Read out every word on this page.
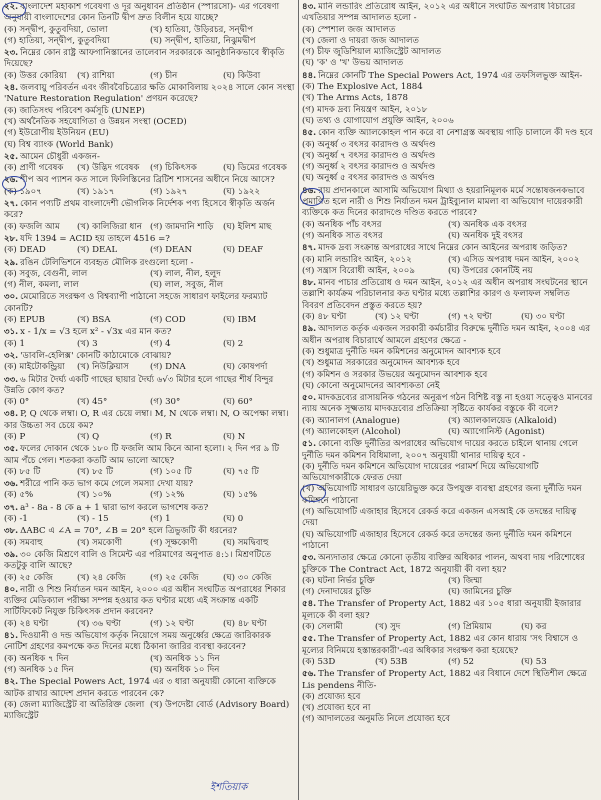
২২. বাংলাদেশ মহাকাশ গবেষণা ও দূর অনুধাবন প্রতিষ্ঠান (স্পারসো)- এর গবেষণা অনুযায়ী বাংলাদেশের কোন তিনটি দ্বীপ দ্রুত বিলীন হয়ে যাচ্ছে?
(ক) সন্দ্বীপ, কুতুবদিয়া, ভোলা	(খ) হাতিয়া, উড়িরচর, সন্দ্বীপ
(গ) হাতিয়া, সন্দ্বীপ, কুতুবদিয়া	(ঘ) সন্দ্বীপ, হাতিয়া, নিঝুমদ্বীপ
২৩. নিম্নের কোন রাষ্ট্র আফগানিস্তানের তালেবান সরকারকে আনুষ্ঠানিকভাবে স্বীকৃতি দিয়েছে?
(ক) উত্তর কোরিয়া	(খ) রাশিয়া	(গ) চীন	(ঘ) কিউবা
২৪. জলবায়ু পরিবর্তন এবং জীববৈচিত্র্যের ক্ষতি মোকাবিলায় ২০২৪ সালে কোন সংস্থা 'Nature Restoration Regulation' প্রণয়ন করেছে?
(ক) জাতিসংঘ পরিবেশ কর্মসূচি (UNEP)
(খ) অর্থনৈতিক সহযোগিতা ও উন্নয়ন সংস্থা (OCED)
(গ) ইউরোপীয় ইউনিয়ন (EU)
(ঘ) বিশ্ব ব্যাংক (World Bank)
২৫. আমেন চৌধুরী একজন-
(ক) প্রাণী গবেষক	(খ) উদ্ভিদ গবেষক	(গ) চিকিৎসক	(ঘ) ডিমের গবেষক
২৬. শীপ অব প্যাশন কত সালে ফিলিস্তিনের ব্রিটিশ শাসনের অধীনে নিয়ে আসে?
(ক) ১৯০৭	(খ) ১৯১৭	(গ) ১৯২৭	(ঘ) ১৯২২
২৭. কোন পণ্যটি প্রথম বাংলাদেশী ভৌগলিক নির্দেশক পণ্য হিসেবে স্বীকৃতি অর্জন করে?
(ক) ফজলি আম	(খ) কালিজিরা ধান (গ) জামদানি শাড়ি	(ঘ) ইলিশ মাছ
২৮. যদি 1394 = ACID হয় তাহলে 4516 =?
(ক) DEAD	(খ) DEAL	(গ) DEAN	(ঘ) DEAF
২৯. রঙিন টেলিভিশনে ব্যবহৃত মৌলিক রংগুলো হলো -
(ক) সবুজ, বেগুনী, লাল	(খ) লাল, নীল, হলুদ
(গ) নীল, কমলা, লাল	(ঘ) লাল, সবুজ, নীল
৩০. মেমোরিতে সংরক্ষণ ও বিশ্বব্যাপী পাঠানো সহজে সাধারণ ফাইলের ফরম্যাট কোনটি?
(ক) EPUB	(খ) BSA	(গ) COD	(ঘ) IBM
৩১. x - 1/x = √3 হলে x² - √3x এর মান কত?
(ক) 1	(খ) 3	(গ) 4	(ঘ) 2
৩২. 'ডাবলি-হেলিক্স' কোনটি কাঠামোকে বোঝায়?
(ক) মাইটোকন্ড্রিয়া	(খ) নিউক্লিয়াস	(গ) DNA	(ঘ) কোষপর্দা
৩৩. ৬ মিটার দৈর্ঘ্য একটি গাছের ছায়ার দৈর্ঘ্য ৬√৩ মিটার হলে গাছের শীর্ষ বিন্দুর উন্নতি কোণ কত?
(ক) 0°	(খ) 45°	(গ) 30°	(ঘ) 60°
৩৪. P, Q থেকে লম্বা। O, R এর চেয়ে লম্বা। M, N থেকে লম্বা। N, O অপেক্ষা লম্বা। কার উচ্চতা সব চেয়ে কম?
(ক) P	(খ) Q	(গ) R	(ঘ) N
৩৫. ফলের দোকান থেকে ১৮০ টি ফজলি আম কিনে আনা হলো। ২ দিন পর ৯ টি আম পঁচে গেল। শতকরা কতটি আম ভালো আছে?
(ক) ৮৫ টি	(খ) ৮৫ টি	(গ) ১০৫ টি	(ঘ) ৭৫ টি
৩৬. শরীরে পানি কত ভাগ কমে গেলে সমস্যা দেখা যায়?
(ক) ৫%	(খ) ১০%	(গ) ১২%	(ঘ) ১৫%
৩৭. a³ - 8a - 8 কে a + 1 দ্বারা ভাগ করলে ভাগশেষ কত?
(ক) -1	(খ) - 15	(গ) 1	(ঘ) 0
৩৮. ΔABC এ ∠A = 70°, ∠B = 20° হলে ত্রিভুজটি কী ধরনের?
(ক) সমবাহু	(খ) সমকোণী	(গ) সূক্ষকোণী	(ঘ) সমদ্বিবাহু
৩৯. ৩০ কেজি মিশ্রণে বালি ও সিমেন্ট এর পরিমাণের অনুপাত ৪:১। মিশ্রণটিতে কতটুকু বালি আছে?
(ক) ২৫ কেজি	(খ) ২৪ কেজি	(গ) ২৫ কেজি	(ঘ) ৩০ কেজি
৪০. নারী ও শিশু নির্যাতন দমন আইন, ২০০০ এর অধীন সংঘটিত অপরাধের শিকার ব্যক্তির মেডিক্যাল পরীক্ষা সম্পন্ন হওয়ার কত ঘণ্টার মধ্যে এই সংক্রান্ত একটি সার্টিফিকেট নিযুক্ত চিকিৎসক প্রদান করবেন?
(ক) ২৪ ঘণ্টা	(খ) ৩৬ ঘণ্টা	(গ) ১২ ঘণ্টা	(ঘ) ৪৮ ঘণ্টা
৪১. দিওয়ানী ও দন্ড অভিযোগ কর্তৃক নিয়োগে সময় অনুর্ধ্বের ক্ষেত্রে জারিকারক নোটিশ গ্রহণের কমপক্ষে কত দিনের মধ্যে ঠিকানা জারির ব্যবস্থা করবেন?
(ক) অনধিক ৭ দিন	(খ) অনধিক ১১ দিন
(গ) অনধিক ১৫ দিন	(ঘ) অনধিক ১০ দিন
৪২. The Special Powers Act, 1974 এর ৩ ধারা অনুযায়ী কোনো ব্যক্তিকে আটক রাখার আদেশ প্রদান করতে পারবেন কে?
(ক) জেলা ম্যাজিস্ট্রেট বা অতিরিক্ত জেলা ম্যাজিস্ট্রেট
(খ) উপদেষ্টা বোর্ড (Advisory Board)
৪৩. মানি লন্ডারিং প্রতিরোধ আইন, ২০১২ এর অধীনে সংঘটিত অপরাধ বিচারের এখতিয়ার সম্পন্ন আদালত হলো -
(ক) স্পেশাল জজ আদালত
(খ) জেলা ও দায়রা জজ আদালত
(গ) চীফ জুডিশিয়াল ম্যাজিস্ট্রেট আদালত
(ঘ) 'ক' ও 'খ' উভয় আদালত
৪৪. নিম্নের কোনটি The Special Powers Act, 1974 এর তফসিলভুক্ত আইন-
(ক) The Explosive Act, 1884
(খ) The Arms Acts, 1878
(গ) মাদক দ্রব্য নিয়ন্ত্রণ আইন, ২০১৮
(ঘ) তথ্য ও যোগাযোগ প্রযুক্তি আইন, ২০০৬
৪৫. কোন ব্যক্তি অ্যালকোহল পান করে বা নেশাগ্রস্ত অবস্থায় গাড়ি চালালে কী দণ্ড হবে
(ক) অনুর্ধ্ব ৩ বৎসর কারাদণ্ড ও অর্থদণ্ড
(খ) অনুর্ধ্ব ৭ বৎসর কারাদণ্ড ও অর্থদণ্ড
(গ) অনুর্ধ্ব ২ বৎসর কারাদণ্ড ও অর্থদণ্ড
(ঘ) অনুর্ধ্ব ৫ বৎসর কারাদণ্ড ও অর্থদণ্ড
৪৬. রায় প্রদানকালে আসামি অভিযোগ মিথ্যা ও হয়রানিমূলক মর্মে সন্তোষজনকভাবে প্রমাণিত হলে নারী ও শিশু নির্যাতন দমন ট্রাইব্যুনাল মামলা বা অভিযোগ দায়েরকারী ব্যক্তিকে কত দিনের কারাদণ্ডে দণ্ডিত করতে পারবে?
(ক) অনধিক পাঁচ বৎসর	(খ) অনধিক এক বৎসর
(গ) অনধিক সাত বৎসর	(ঘ) অনধিক দুই বৎসর
৪৭. মাদক দ্রব্য সংক্রান্ত অপরাধের সাথে নিম্নের কোন আইনের অপরাধ জড়িত?
(ক) মানি লন্ডারিং আইন, ২০১২	(খ) এসিড অপরাধ দমন আইন, ২০০২
(গ) সন্ত্রাস বিরোধী আইন, ২০০৯	(ঘ) উপরের কোনটিই নয়
৪৮. মানব পাচার প্রতিরোধ ও দমন আইন, ২০১২ এর অধীন অপরাধ সংঘটনের স্থানে তল্লাশি কার্যক্রম পরিচালনার কত ঘণ্টার মধ্যে তল্লাশির কারণ ও ফলাফল সম্বলিত বিবরণ প্রতিবেদন প্রস্তুত করতে হয়?
(ক) ৪৮ ঘণ্টা	(খ) ১২ ঘণ্টা	(গ) ৭২ ঘণ্টা	(ঘ) ৩০ ঘণ্টা
৪৯. আদালত কর্তৃক একজন সরকারী কর্মচারীর বিরুদ্ধে দুর্নীতি দমন আইন, ২০০৪ এর অধীন অপরাধ বিচারার্থে আমলে গ্রহণের ক্ষেত্রে -
(ক) শুধুমাত্র দুর্নীতি দমন কমিশনের অনুমোদন আবশ্যক হবে
(খ) শুধুমাত্র সরকারের অনুমোদন আবশ্যক হবে
(গ) কমিশন ও সরকার উভয়ের অনুমোদন আবশ্যক হবে
(ঘ) কোনো অনুমোদনের আবশ্যকতা নেই
৫০. মাদকদ্রব্যের রাসায়নিক গঠনের অনুরূপ গঠন বিশিষ্ট বস্তু না হওয়া সত্ত্বেও মানবের ন্যায় অনেক সূক্ষ্মতায় মাদকদ্রব্যের প্রতিক্রিয়া সৃষ্টিতে কার্যকর বস্তুকে কী বলে?
(ক) অ্যানালগ (Analogue)	(খ) অ্যালকালয়েড (Alkaloid)
(গ) অ্যালকোহল (Alcohol)	(ঘ) অ্যাগোনিস্ট (Agonist)
৫১. কোনো ব্যক্তি দুর্নীতির অপরাধের অভিযোগ দায়ের করতে চাইলে থানায় গেলে দুর্নীতি দমন কমিশন বিধিমালা, ২০০৭ অনুযায়ী থানার দায়িত্ব হবে -
(ক) দুর্নীতি দমন কমিশনে অভিযোগ দায়েরের পরামর্শ দিয়ে অভিযোগটি অভিযোগকারীকে ফেরত দেয়া
(খ) অভিযোগটি সাধারণ ডায়েরিভুক্ত করে উপযুক্ত ব্যবস্থা গ্রহণের জন্য দুর্নীতি দমন কমিশনে পাঠানো
(গ) অভিযোগটি এজাহার হিসেবে রেকর্ড করে একজন এসআই কে তদন্তের দায়িত্ব দেয়া
(ঘ) অভিযোগটি এজাহার হিসেবে রেকর্ড করে তদন্তের জন্য দুর্নীতি দমন কমিশনে পাঠানো
৫৩. অন্যদাতার ক্ষেত্রে কোনো তৃতীয় ব্যক্তির অধিকার পালন, অথবা দায় পরিশোধের চুক্তিকে The Contract Act, 1872 অনুযায়ী কী বলা হয়?
(ক) ঘটনা নির্ভর চুক্তি	(খ) জিম্মা
(গ) দেনাদায়ের চুক্তি	(ঘ) জামিনের চুক্তি
৫৪. The Transfer of Property Act, 1882 এর ১০৫ ধারা অনুযায়ী ইজারার মূল্যকে কী বলা হয়?
(ক) সেলামী	(খ) সুদ	(গ) প্রিমিয়াম	(ঘ) কর
৫৫. The Transfer of Property Act, 1882 এর কোন ধারায় 'সৎ বিশ্বাসে ও মূল্যের বিনিময়ে হস্তান্তরকারী'-এর অধিকার সংরক্ষণ করা হয়েছে?
(ক) 53D	(খ) 53B	(গ) 52	(ঘ) 53
৫৬. The Transfer of Property Act, 1882 এর বিধানে দেশে স্থিতিশীল ক্ষেত্রে Lis pendens নীতি-
(ক) প্রযোজ্য হবে
(খ) প্রযোজ্য হবে না
(গ) আদালতের অনুমতি নিলে প্রযোজ্য হবে
ইশতিয়াক
